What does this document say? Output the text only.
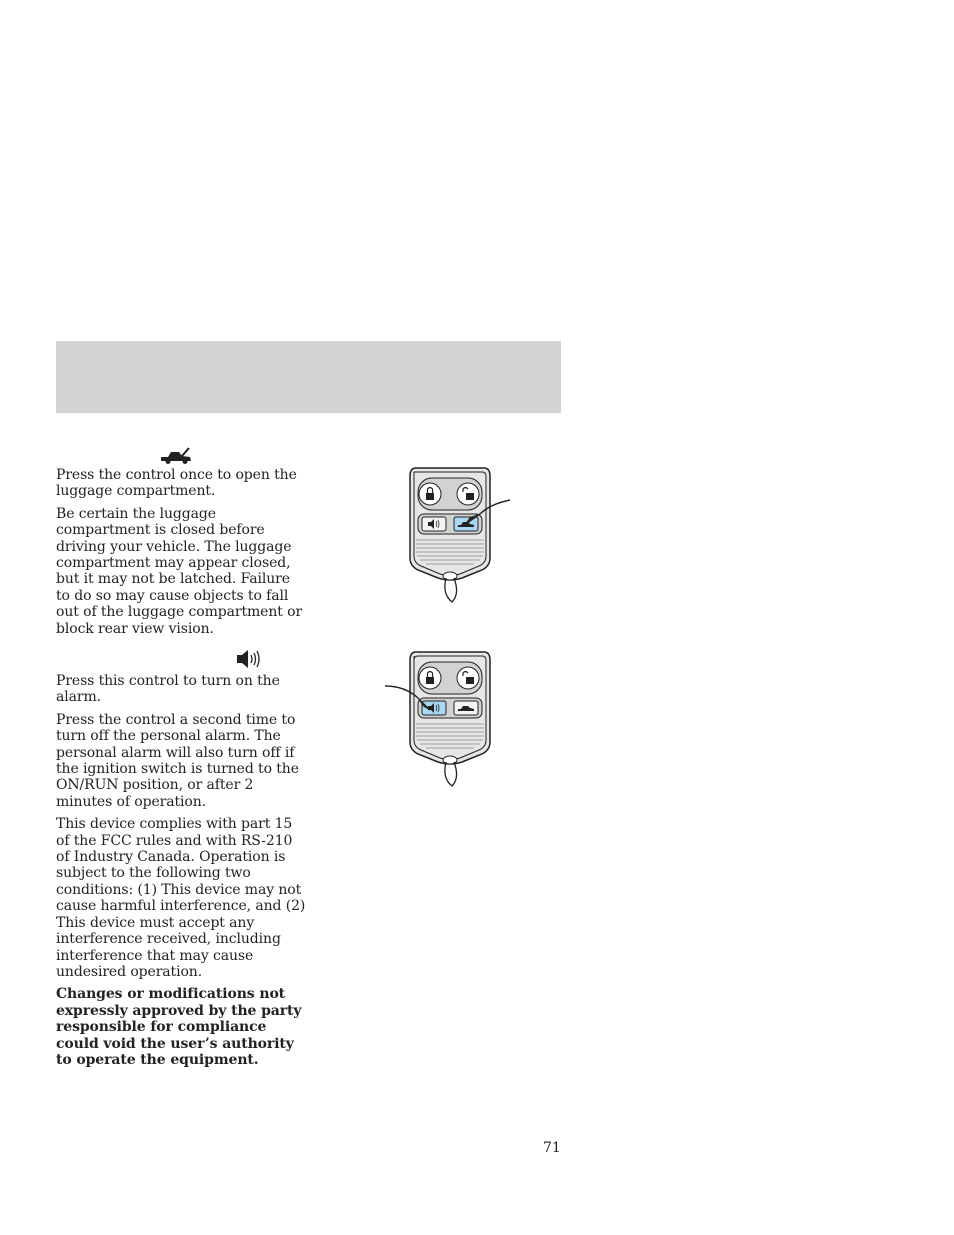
Press the control once to open the luggage compartment.

Be certain the luggage compartment is closed before driving your vehicle. The luggage compartment may appear closed, but it may not be latched. Failure to do so may cause objects to fall out of the luggage compartment or block rear view vision.

Press this control to turn on the alarm.

Press the control a second time to turn off the personal alarm. The personal alarm will also turn off if the ignition switch is turned to the ON/RUN position, or after 2 minutes of operation.

This device complies with part 15 of the FCC rules and with RS-210 of Industry Canada. Operation is subject to the following two conditions: (1) This device may not cause harmful interference, and (2) This device must accept any interference received, including interference that may cause undesired operation.

Changes or modifications not expressly approved by the party responsible for compliance could void the user’s authority to operate the equipment.

71
